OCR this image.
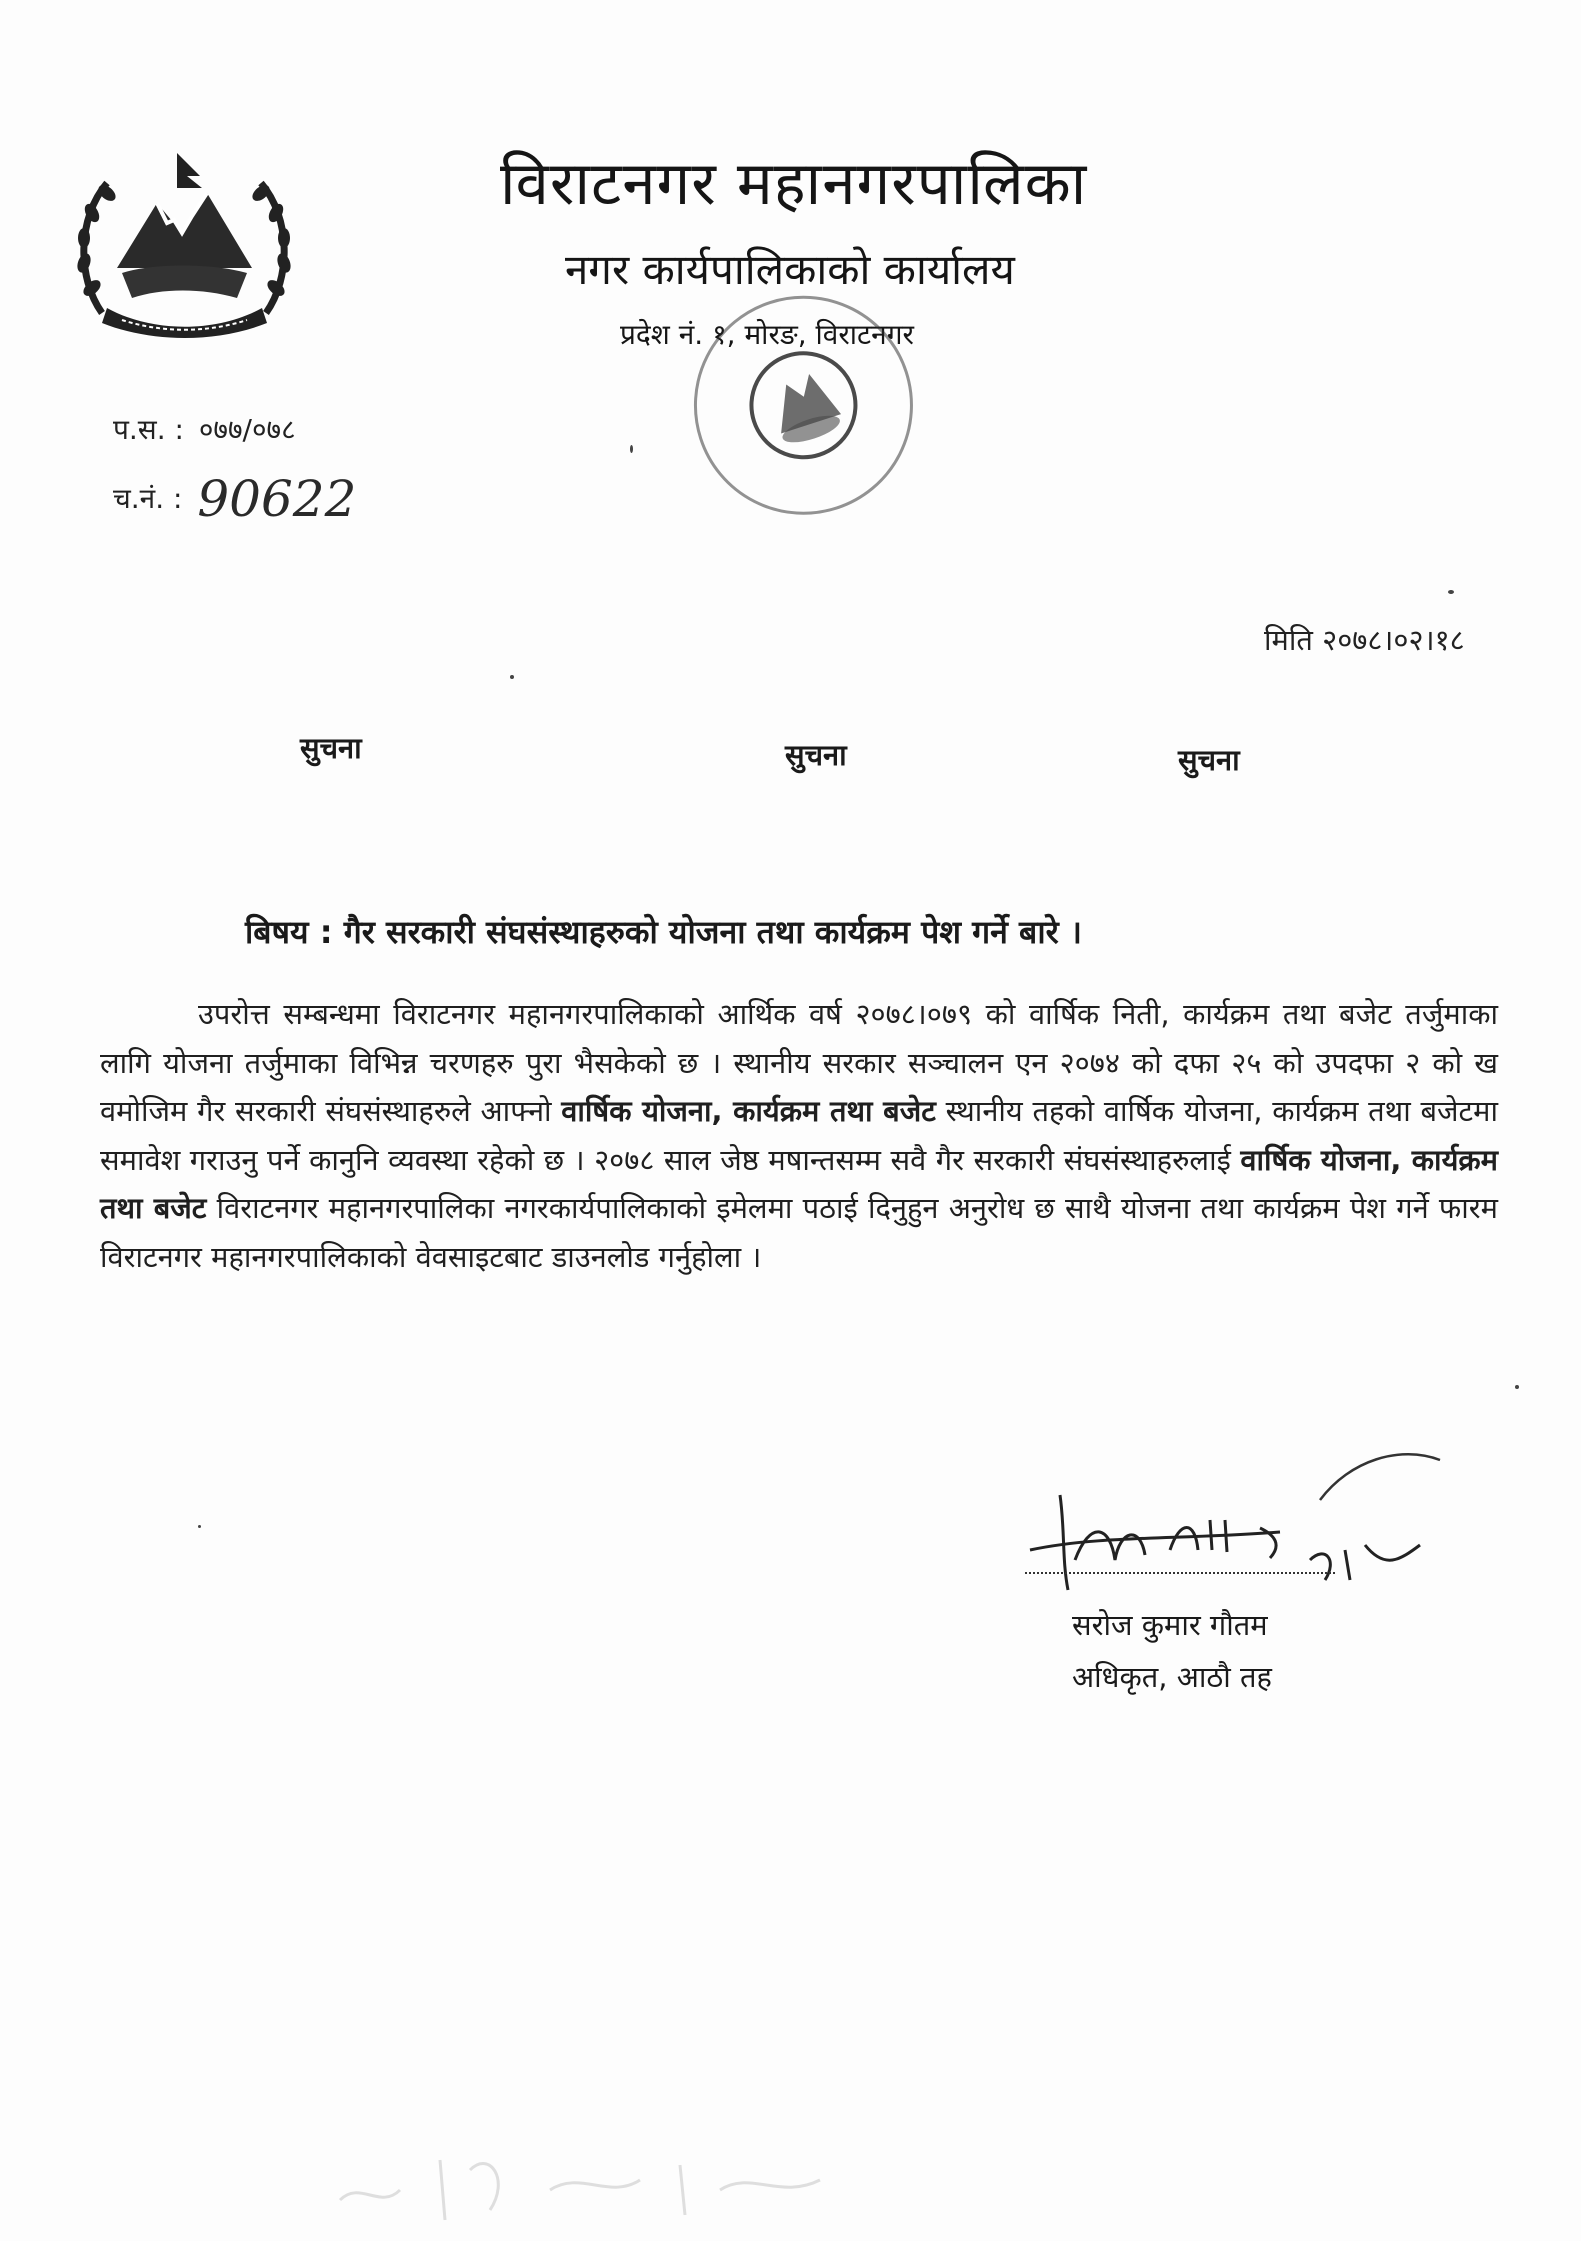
विराटनगर महानगरपालिका
नगर कार्यपालिकाको कार्यालय
प्रदेश नं. १, मोरङ, विराटनगर
प.स. : ०७७/०७८
च.नं. : 90622
मिति २०७८।०२।१८
सुचना	सुचना	सुचना
बिषय : गैर सरकारी संघसंस्थाहरुको योजना तथा कार्यक्रम पेश गर्ने बारे ।

उपरोत्त सम्बन्धमा विराटनगर महानगरपालिकाको आर्थिक वर्ष २०७८।०७९ को वार्षिक निती, कार्यक्रम तथा बजेट तर्जुमाका लागि योजना तर्जुमाका विभिन्न चरणहरु पुरा भैसकेको छ । स्थानीय सरकार सञ्चालन एन २०७४ को दफा २५ को उपदफा २ को ख वमोजिम गैर सरकारी संघसंस्थाहरुले आफ्नो वार्षिक योजना, कार्यक्रम तथा बजेट स्थानीय तहको वार्षिक योजना, कार्यक्रम तथा बजेटमा समावेश गराउनु पर्ने कानुनि व्यवस्था रहेको छ । २०७८ साल जेष्ठ मषान्तसम्म सवै गैर सरकारी संघसंस्थाहरुलाई वार्षिक योजना, कार्यक्रम तथा बजेट विराटनगर महानगरपालिका नगरकार्यपालिकाको इमेलमा पठाई दिनुहुन अनुरोध छ साथै योजना तथा कार्यक्रम पेश गर्ने फारम विराटनगर महानगरपालिकाको वेवसाइटबाट डाउनलोड गर्नुहोला ।

सरोज कुमार गौतम
अधिकृत, आठौ तह
